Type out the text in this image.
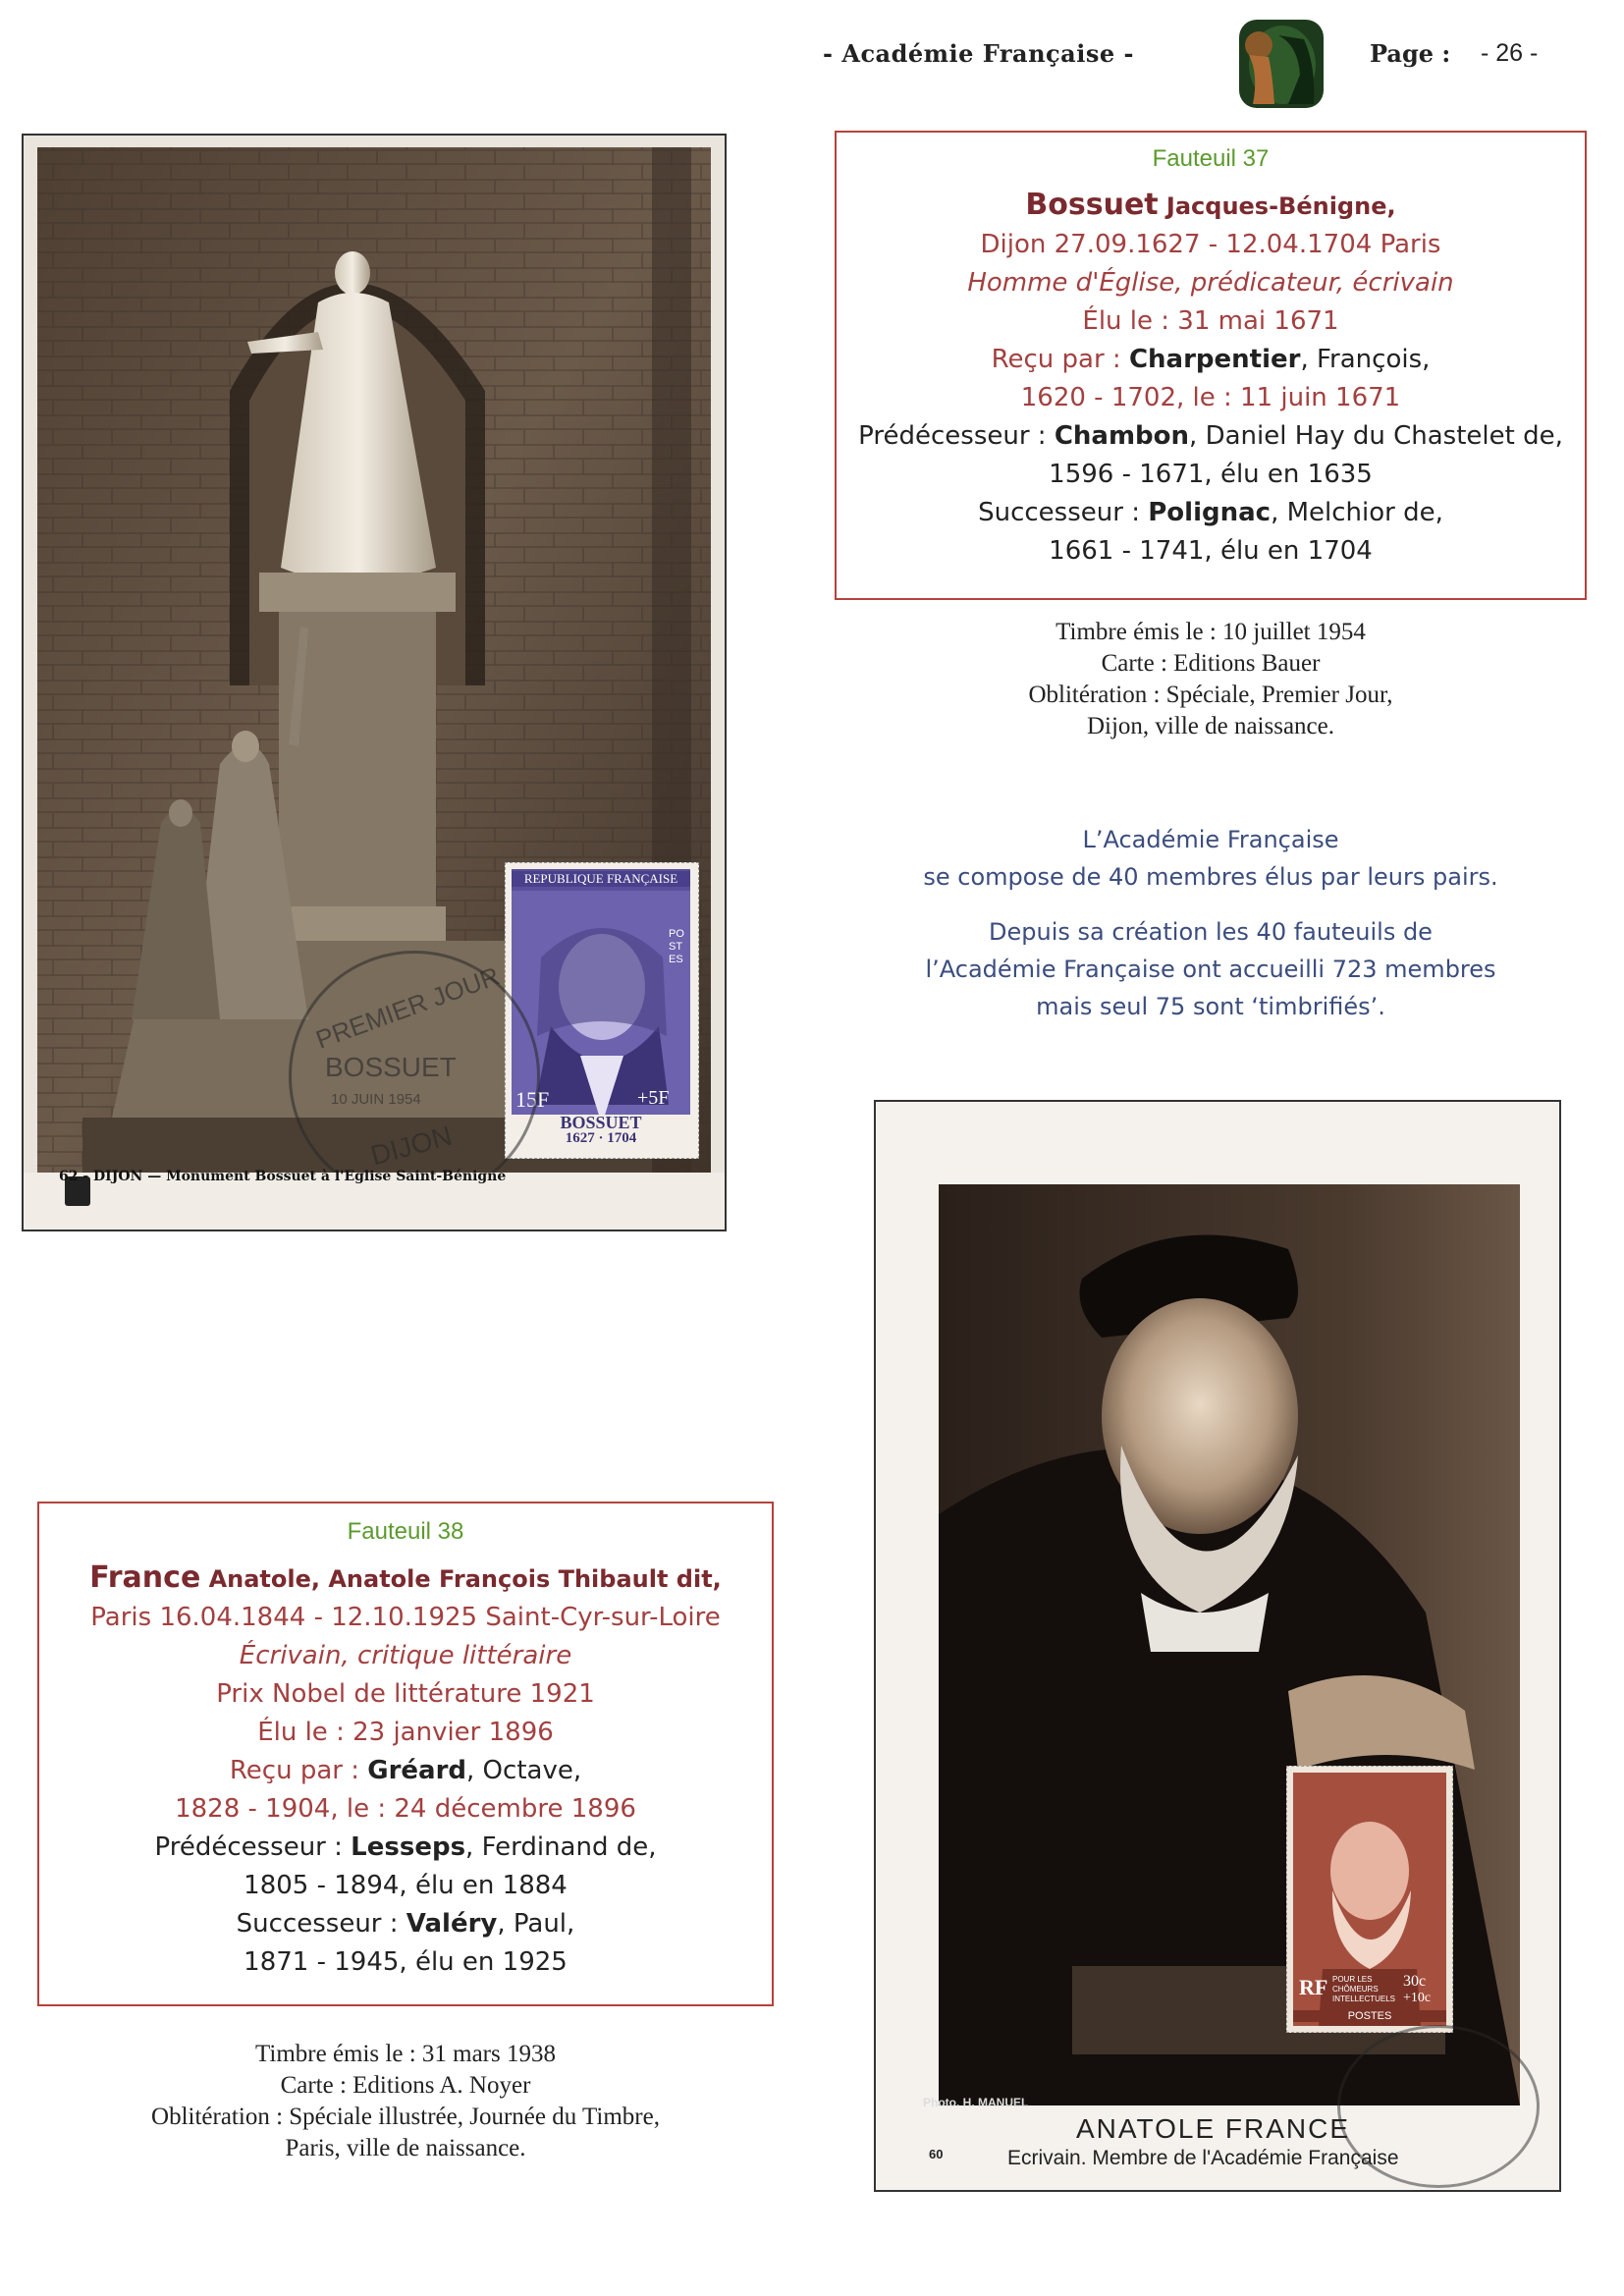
- Académie Française -	Page : - 26 -
REPUBLIQUE FRANÇAISE
POSTES
15F	+5F
BOSSUET
1627 · 1704
PREMIER JOUR
BOSSUET
10 JUIN 1954
DIJON
62 - DIJON — Monument Bossuet à l'Eglise Saint-Bénigne
Fauteuil 37
Bossuet Jacques-Bénigne,
Dijon 27.09.1627 - 12.04.1704 Paris
Homme d'Église, prédicateur, écrivain
Élu le : 31 mai 1671
Reçu par : Charpentier, François,
1620 - 1702, le : 11 juin 1671
Prédécesseur : Chambon, Daniel Hay du Chastelet de,
1596 - 1671, élu en 1635
Successeur : Polignac, Melchior de,
1661 - 1741, élu en 1704
Timbre émis le : 10 juillet 1954
Carte : Editions Bauer
Oblitération : Spéciale, Premier Jour,
Dijon, ville de naissance.
L’Académie Française
se compose de 40 membres élus par leurs pairs.
Depuis sa création les 40 fauteuils de
l’Académie Française ont accueilli 723 membres
mais seul 75 sont ‘timbrifiés’.
Fauteuil 38
France Anatole, Anatole François Thibault dit,
Paris 16.04.1844 - 12.10.1925 Saint-Cyr-sur-Loire
Écrivain, critique littéraire
Prix Nobel de littérature 1921
Élu le : 23 janvier 1896
Reçu par : Gréard, Octave,
1828 - 1904, le : 24 décembre 1896
Prédécesseur : Lesseps, Ferdinand de,
1805 - 1894, élu en 1884
Successeur : Valéry, Paul,
1871 - 1945, élu en 1925
Timbre émis le : 31 mars 1938
Carte : Editions A. Noyer
Oblitération : Spéciale illustrée, Journée du Timbre,
Paris, ville de naissance.
RF POUR LES CHÔMEURS INTELLECTUELS
30c
+10c
POSTES
Photo. H. MANUEL
60
ANATOLE FRANCE
Ecrivain. Membre de l'Académie Française
